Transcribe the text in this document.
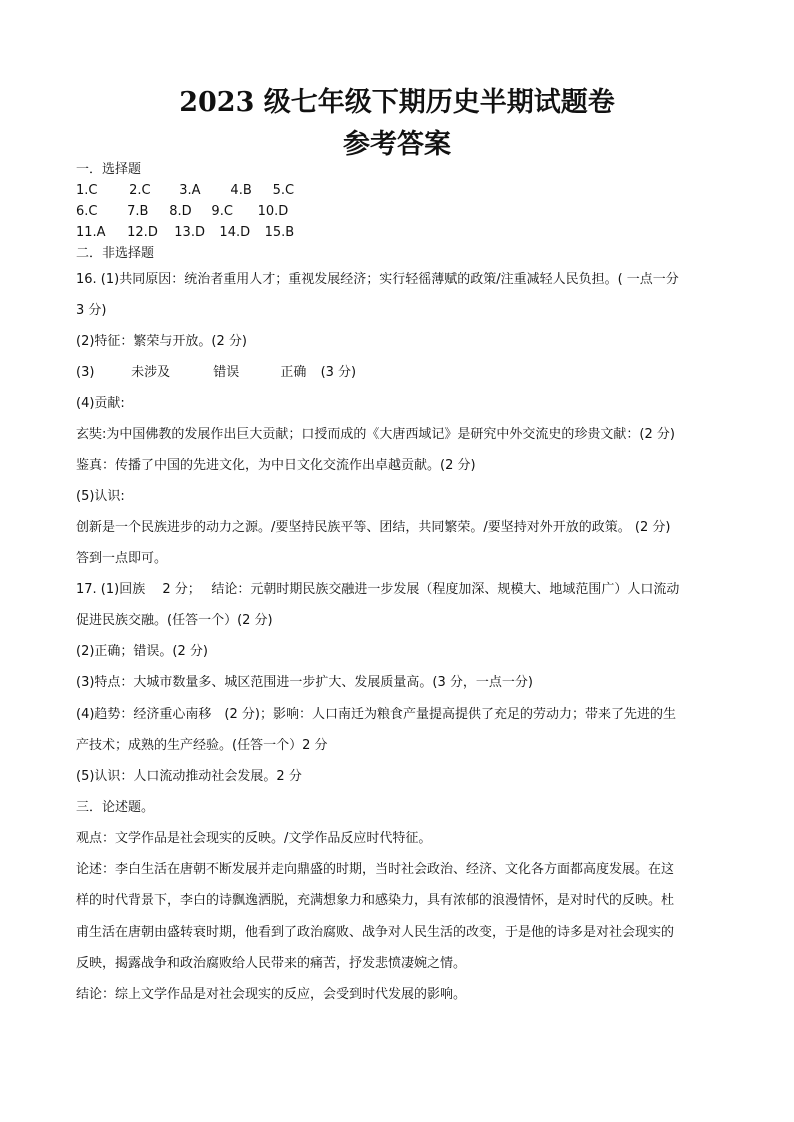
2023 级七年级下期历史半期试题卷
参考答案
一．选择题
1.C 2.C 3.A 4.B 5.C
6.C 7.B 8.D 9.C 10.D
11.A 12.D 13.D 14.D 15.B
二．非选择题
16. (1)共同原因：统治者重用人才；重视发展经济；实行轻徭薄赋的政策/注重减轻人民负担。( 一点一分
3 分)
(2)特征：繁荣与开放。(2 分)
(3)	未涉及	错误	正确 (3 分)
(4)贡献:
玄奘:为中国佛教的发展作出巨大贡献；口授而成的《大唐西域记》是研究中外交流史的珍贵文献：(2 分)
鉴真：传播了中国的先进文化，为中日文化交流作出卓越贡献。(2 分)
(5)认识:
创新是一个民族进步的动力之源。/要坚持民族平等、团结，共同繁荣。/要坚持对外开放的政策。 (2 分)
答到一点即可。
17. (1)回族　 2 分；　 结论：元朝时期民族交融进一步发展（程度加深、规模大、地域范围广）人口流动
促进民族交融。(任答一个）(2 分)
(2)正确；错误。(2 分)
(3)特点：大城市数量多、城区范围进一步扩大、发展质量高。(3 分，一点一分)
(4)趋势：经济重心南移　(2 分)；影响：人口南迁为粮食产量提高提供了充足的劳动力；带来了先进的生
产技术；成熟的生产经验。(任答一个）2 分
(5)认识：人口流动推动社会发展。2 分
三．论述题。
观点：文学作品是社会现实的反映。/文学作品反应时代特征。
论述：李白生活在唐朝不断发展并走向鼎盛的时期，当时社会政治、经济、文化各方面都高度发展。在这
样的时代背景下，李白的诗飘逸洒脱，充满想象力和感染力，具有浓郁的浪漫情怀，是对时代的反映。杜
甫生活在唐朝由盛转衰时期，他看到了政治腐败、战争对人民生活的改变，于是他的诗多是对社会现实的
反映，揭露战争和政治腐败给人民带来的痛苦，抒发悲愤凄婉之情。
结论：综上文学作品是对社会现实的反应，会受到时代发展的影响。
